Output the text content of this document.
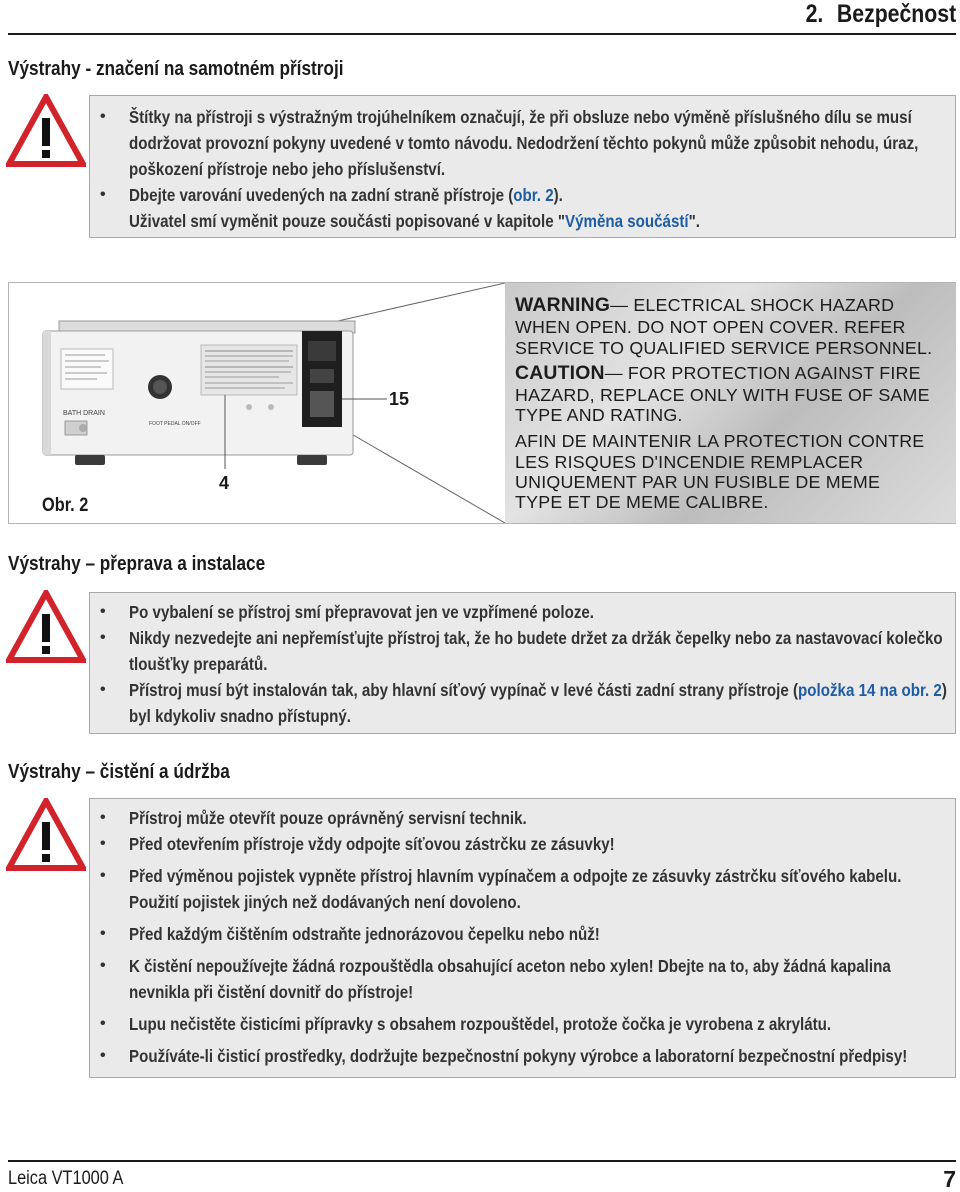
2. Bezpečnost
Výstrahy - značení na samotném přístroji
• Štítky na přístroji s výstražným trojúhelníkem označují, že při obsluze nebo výměně příslušného dílu se musí dodržovat provozní pokyny uvedené v tomto návodu. Nedodržení těchto pokynů může způsobit nehodu, úraz, poškození přístroje nebo jeho příslušenství.
• Dbejte varování uvedených na zadní straně přístroje (obr. 2).
Uživatel smí vyměnit pouze součásti popisované v kapitole "Výměna součástí".
BATH DRAIN
FOOT PEDAL ON/OFF
15
4
Obr. 2
WARNING— ELECTRICAL SHOCK HAZARD
WHEN OPEN. DO NOT OPEN COVER. REFER
SERVICE TO QUALIFIED SERVICE PERSONNEL.
CAUTION— FOR PROTECTION AGAINST FIRE
HAZARD, REPLACE ONLY WITH FUSE OF SAME
TYPE AND RATING.
AFIN DE MAINTENIR LA PROTECTION CONTRE
LES RISQUES D'INCENDIE REMPLACER
UNIQUEMENT PAR UN FUSIBLE DE MEME
TYPE ET DE MEME CALIBRE.
Výstrahy – přeprava a instalace
• Po vybalení se přístroj smí přepravovat jen ve vzpřímené poloze.
• Nikdy nezvedejte ani nepřemísťujte přístroj tak, že ho budete držet za držák čepelky nebo za nastavovací kolečko tloušťky preparátů.
• Přístroj musí být instalován tak, aby hlavní síťový vypínač v levé části zadní strany přístroje (položka 14 na obr. 2) byl kdykoliv snadno přístupný.
Výstrahy – čistění a údržba
• Přístroj může otevřít pouze oprávněný servisní technik.
• Před otevřením přístroje vždy odpojte síťovou zástrčku ze zásuvky!
• Před výměnou pojistek vypněte přístroj hlavním vypínačem a odpojte ze zásuvky zástrčku síťového kabelu. Použití pojistek jiných než dodávaných není dovoleno.
• Před každým čištěním odstraňte jednorázovou čepelku nebo nůž!
• K čistění nepoužívejte žádná rozpouštědla obsahující aceton nebo xylen! Dbejte na to, aby žádná kapalina nevnikla při čistění dovnitř do přístroje!
• Lupu nečistěte čisticími přípravky s obsahem rozpouštědel, protože čočka je vyrobena z akrylátu.
• Používáte-li čisticí prostředky, dodržujte bezpečnostní pokyny výrobce a laboratorní bezpečnostní předpisy!
Leica VT1000 A	7
